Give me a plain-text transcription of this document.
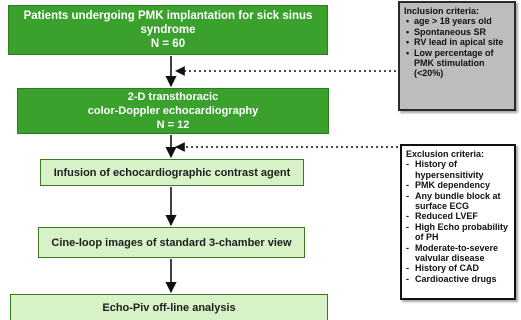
Patients undergoing PMK implantation for sick sinus
syndrome
N = 60
2-D transthoracic
color-Doppler echocardiography
N = 12
Infusion of echocardiographic contrast agent
Cine-loop images of standard 3-chamber view
Echo-Piv off-line analysis
Inclusion criteria:
• age > 18 years old
• Spontaneous SR
• RV lead in apical site
• Low percentage of PMK stimulation (<20%)
Exclusion criteria:
- History of hypersensitivity
- PMK dependency
- Any bundle block at surface ECG
- Reduced LVEF
- High Echo probability of PH
- Moderate-to-severe valvular disease
- History of CAD
- Cardioactive drugs
